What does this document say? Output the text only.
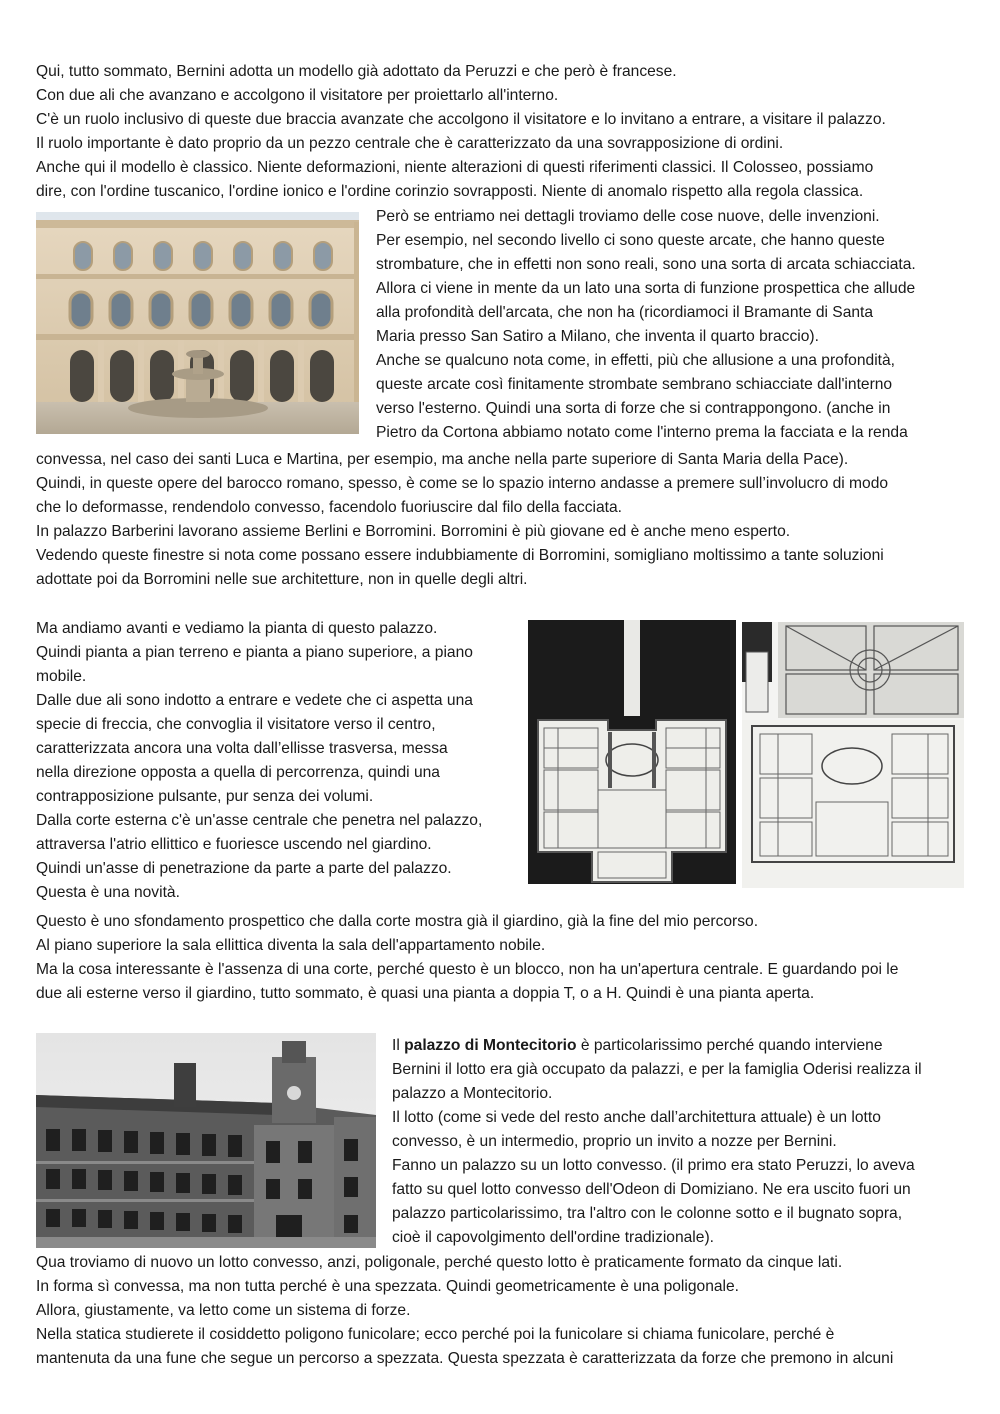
Qui, tutto sommato, Bernini adotta un modello già adottato da Peruzzi e che però è francese.
Con due ali che avanzano e accolgono il visitatore per proiettarlo all'interno.
C'è un ruolo inclusivo di queste due braccia avanzate che accolgono il visitatore e lo invitano a entrare, a visitare il palazzo.
Il ruolo importante è dato proprio da un pezzo centrale che è caratterizzato da una sovrapposizione di ordini.
Anche qui il modello è classico. Niente deformazioni, niente alterazioni di questi riferimenti classici. Il Colosseo, possiamo
dire, con l'ordine tuscanico, l'ordine ionico e l'ordine corinzio sovrapposti. Niente di anomalo rispetto alla regola classica.
Però se entriamo nei dettagli troviamo delle cose nuove, delle invenzioni.
Per esempio, nel secondo livello ci sono queste arcate, che hanno queste
strombature, che in effetti non sono reali, sono una sorta di arcata schiacciata.
Allora ci viene in mente da un lato una sorta di funzione prospettica che allude
alla profondità dell'arcata, che non ha (ricordiamoci il Bramante di Santa
Maria presso San Satiro a Milano, che inventa il quarto braccio).
Anche se qualcuno nota come, in effetti, più che allusione a una profondità,
queste arcate così finitamente strombate sembrano schiacciate dall'interno
verso l'esterno. Quindi una sorta di forze che si contrappongono. (anche in
Pietro da Cortona abbiamo notato come l'interno prema la facciata e la renda
convessa, nel caso dei santi Luca e Martina, per esempio, ma anche nella parte superiore di Santa Maria della Pace).
Quindi, in queste opere del barocco romano, spesso, è come se lo spazio interno andasse a premere sull’involucro di modo
che lo deformasse, rendendolo convesso, facendolo fuoriuscire dal filo della facciata.
In palazzo Barberini lavorano assieme Berlini e Borromini. Borromini è più giovane ed è anche meno esperto.
Vedendo queste finestre si nota come possano essere indubbiamente di Borromini, somigliano moltissimo a tante soluzioni
adottate poi da Borromini nelle sue architetture, non in quelle degli altri.
Ma andiamo avanti e vediamo la pianta di questo palazzo.
Quindi pianta a pian terreno e pianta a piano superiore, a piano
mobile.
Dalle due ali sono indotto a entrare e vedete che ci aspetta una
specie di freccia, che convoglia il visitatore verso il centro,
caratterizzata ancora una volta dall’ellisse trasversa, messa
nella direzione opposta a quella di percorrenza, quindi una
contrapposizione pulsante, pur senza dei volumi.
Dalla corte esterna c'è un'asse centrale che penetra nel palazzo,
attraversa l'atrio ellittico e fuoriesce uscendo nel giardino.
Quindi un'asse di penetrazione da parte a parte del palazzo.
Questa è una novità.
Questo è uno sfondamento prospettico che dalla corte mostra già il giardino, già la fine del mio percorso.
Al piano superiore la sala ellittica diventa la sala dell'appartamento nobile.
Ma la cosa interessante è l'assenza di una corte, perché questo è un blocco, non ha un'apertura centrale. E guardando poi le
due ali esterne verso il giardino, tutto sommato, è quasi una pianta a doppia T, o a H. Quindi è una pianta aperta.
Il palazzo di Montecitorio è particolarissimo perché quando interviene
Bernini il lotto era già occupato da palazzi, e per la famiglia Oderisi realizza il
palazzo a Montecitorio.
Il lotto (come si vede del resto anche dall’architettura attuale) è un lotto
convesso, è un intermedio, proprio un invito a nozze per Bernini.
Fanno un palazzo su un lotto convesso. (il primo era stato Peruzzi, lo aveva
fatto su quel lotto convesso dell'Odeon di Domiziano. Ne era uscito fuori un
palazzo particolarissimo, tra l'altro con le colonne sotto e il bugnato sopra,
cioè il capovolgimento dell'ordine tradizionale).
Qua troviamo di nuovo un lotto convesso, anzi, poligonale, perché questo lotto è praticamente formato da cinque lati.
In forma sì convessa, ma non tutta perché è una spezzata. Quindi geometricamente è una poligonale.
Allora, giustamente, va letto come un sistema di forze.
Nella statica studierete il cosiddetto poligono funicolare; ecco perché poi la funicolare si chiama funicolare, perché è
mantenuta da una fune che segue un percorso a spezzata. Questa spezzata è caratterizzata da forze che premono in alcuni
